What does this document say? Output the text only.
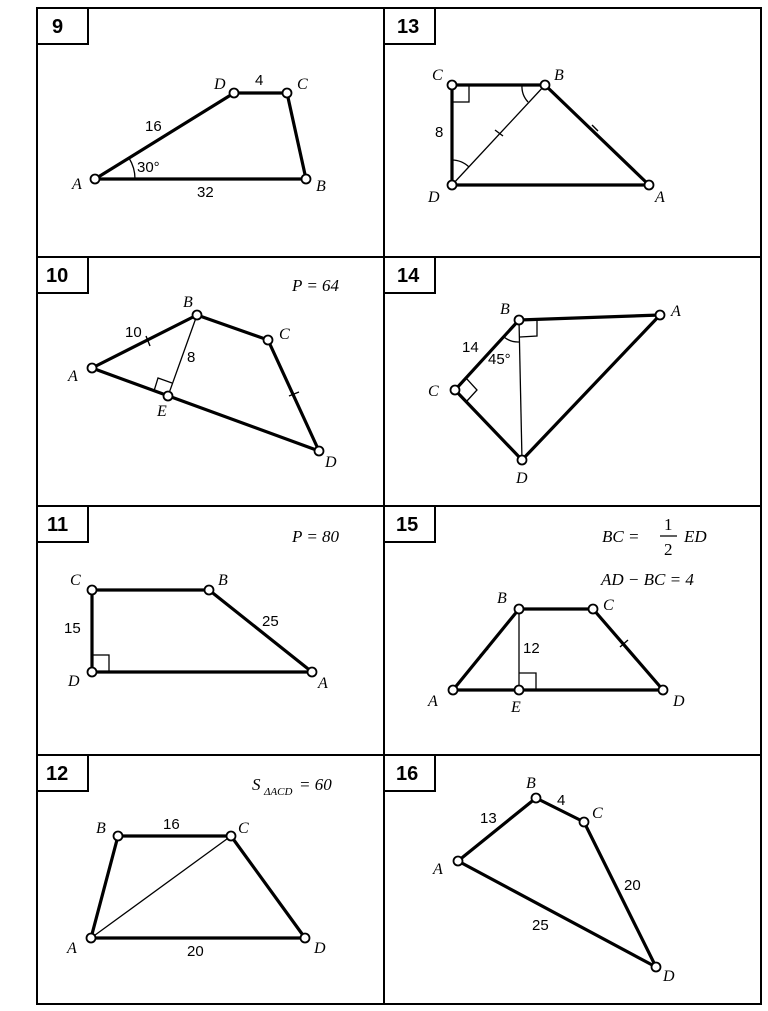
9
A	B
C
D
16
4
32
30°
13
C	B
A
D
8
10	P = 64
A
B
C
D
E
10
8
14
B	A
C
D
14
45°
11
P = 80
C	B
A
D
15	25
15
BC =
1
2
ED
AD − BC = 4
B	C
A	D
E
12
12	S ΔACD = 60
B	C
A	D
16
20
16
A
B
C
D
13
4
20
25
